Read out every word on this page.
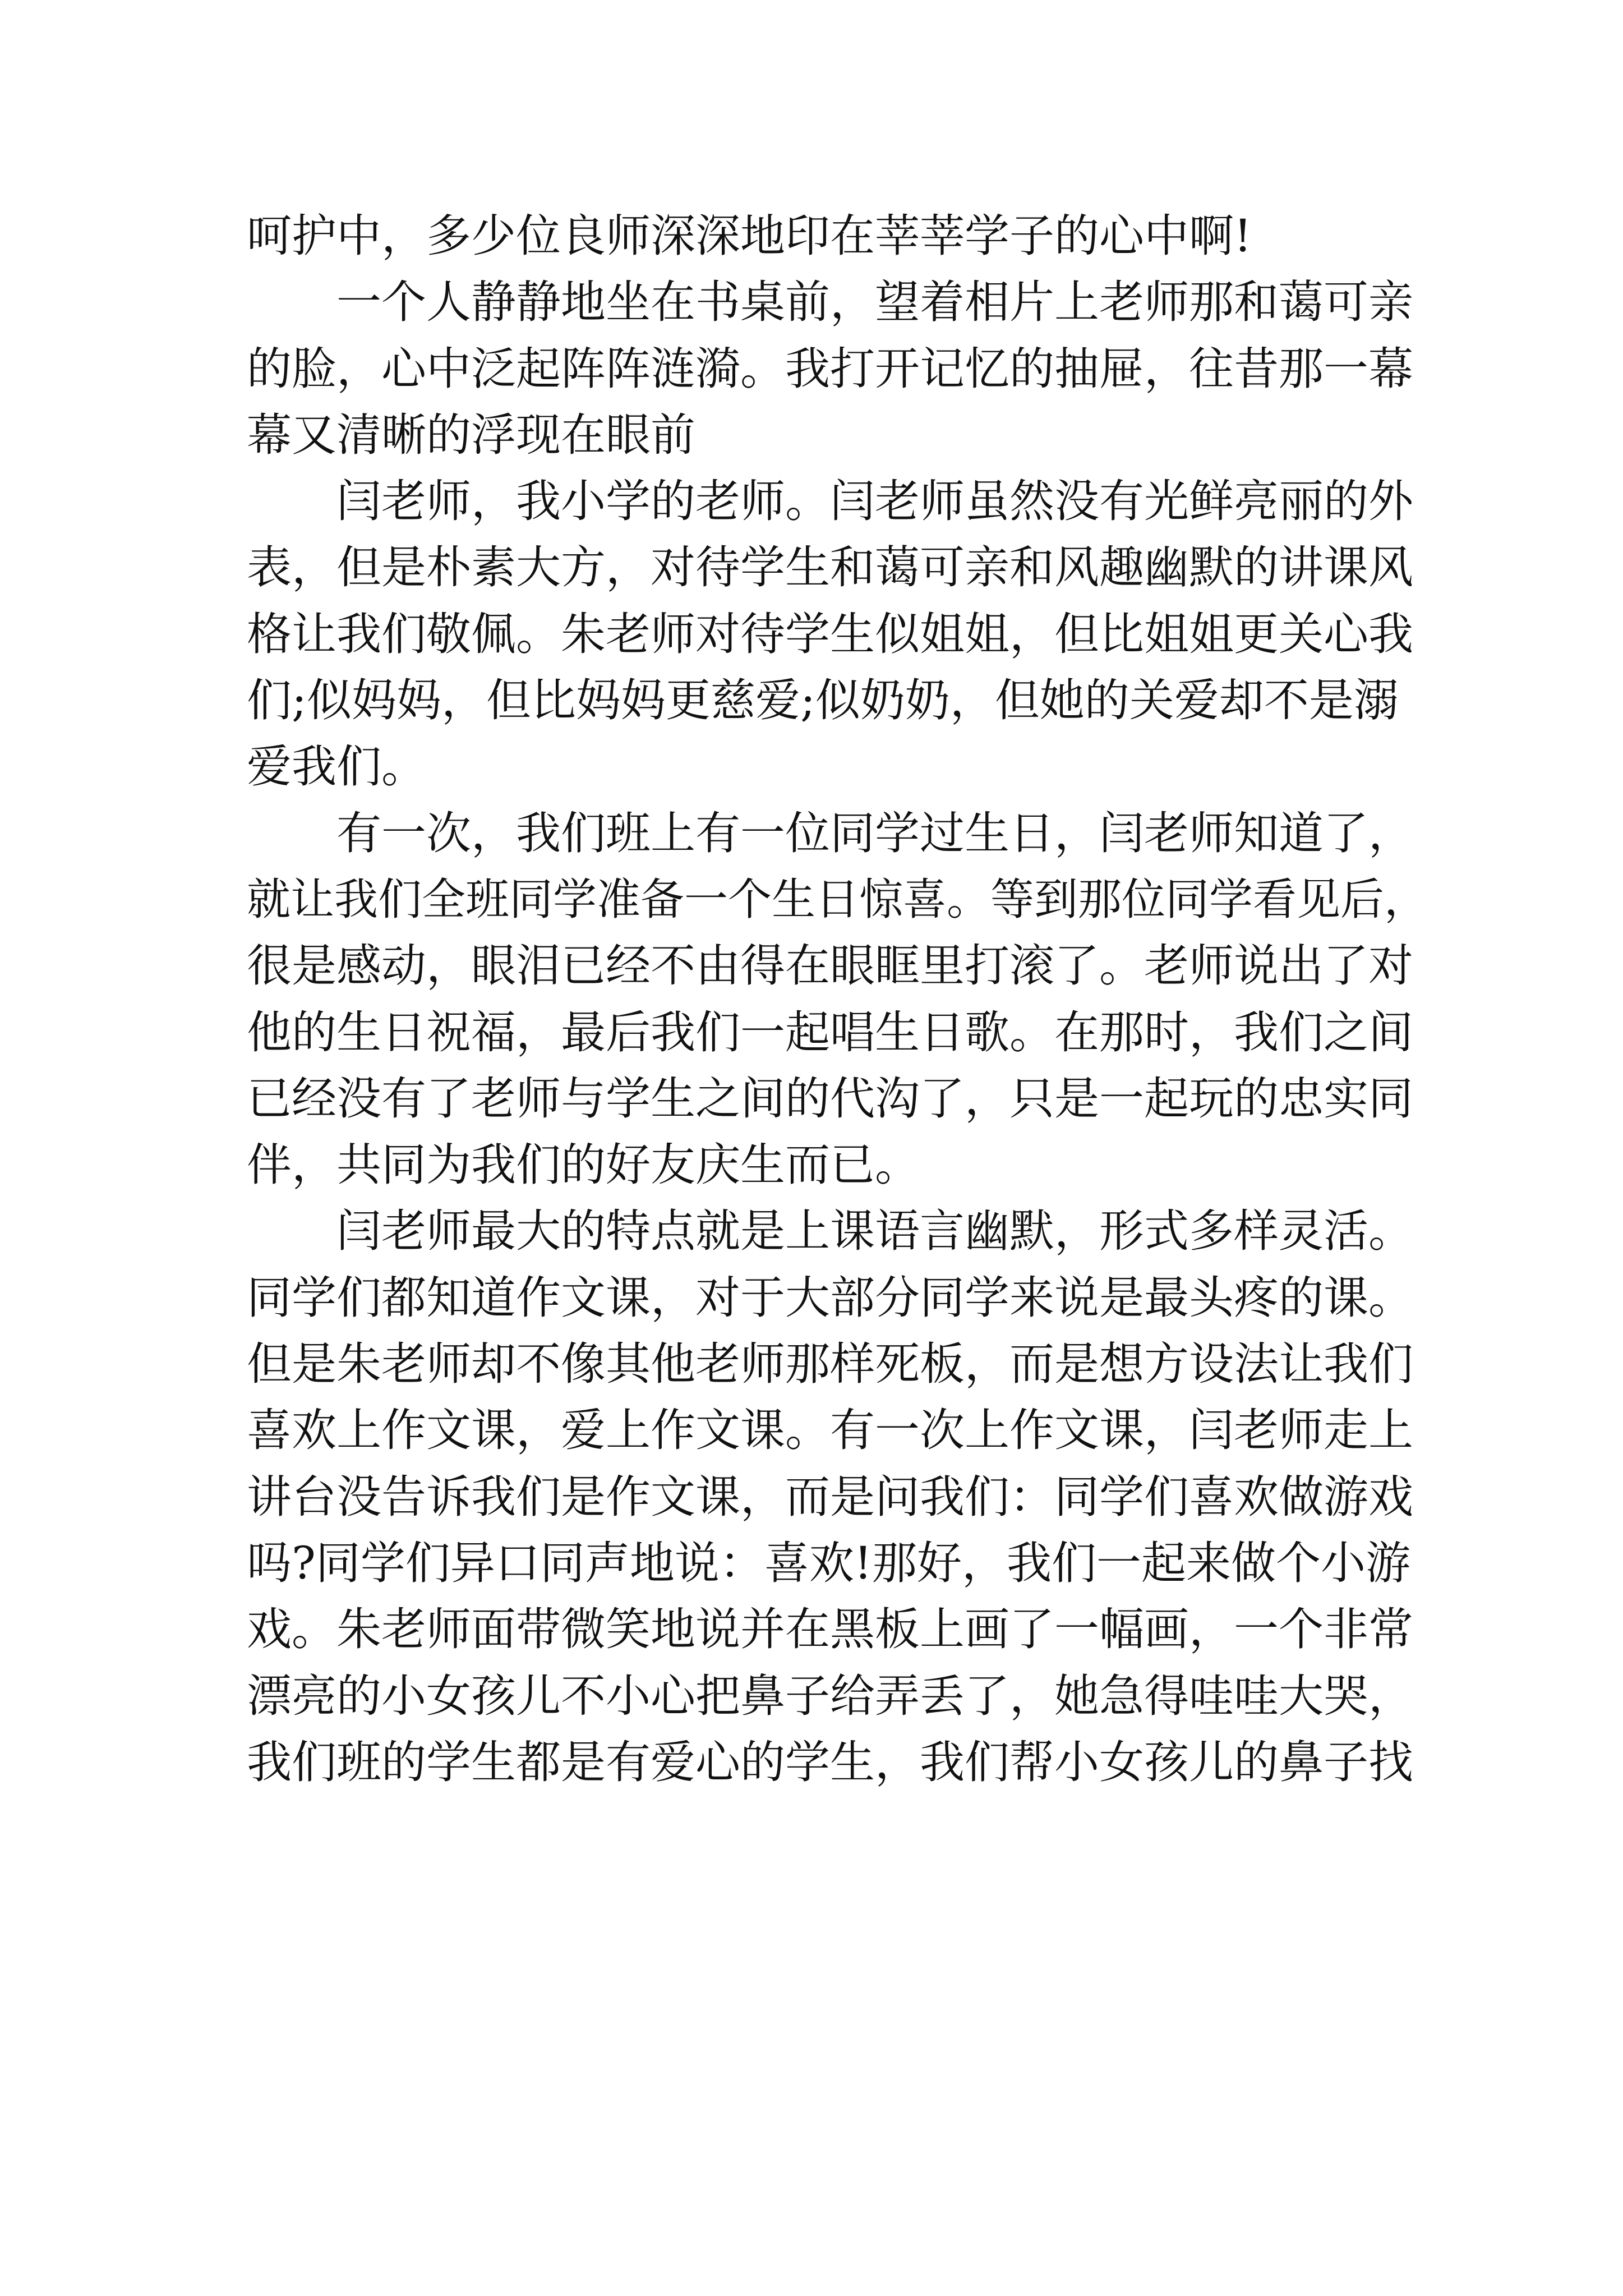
呵护中，多少位良师深深地印在莘莘学子的心中啊!
　　一个人静静地坐在书桌前，望着相片上老师那和蔼可亲
的脸，心中泛起阵阵涟漪。我打开记忆的抽屉，往昔那一幕
幕又清晰的浮现在眼前
　　闫老师，我小学的老师。闫老师虽然没有光鲜亮丽的外
表，但是朴素大方，对待学生和蔼可亲和风趣幽默的讲课风
格让我们敬佩。朱老师对待学生似姐姐，但比姐姐更关心我
们;似妈妈，但比妈妈更慈爱;似奶奶，但她的关爱却不是溺
爱我们。
　　有一次，我们班上有一位同学过生日，闫老师知道了，
就让我们全班同学准备一个生日惊喜。等到那位同学看见后，
很是感动，眼泪已经不由得在眼眶里打滚了。老师说出了对
他的生日祝福，最后我们一起唱生日歌。在那时，我们之间
已经没有了老师与学生之间的代沟了，只是一起玩的忠实同
伴，共同为我们的好友庆生而已。
　　闫老师最大的特点就是上课语言幽默，形式多样灵活。
同学们都知道作文课，对于大部分同学来说是最头疼的课。
但是朱老师却不像其他老师那样死板，而是想方设法让我们
喜欢上作文课，爱上作文课。有一次上作文课，闫老师走上
讲台没告诉我们是作文课，而是问我们：同学们喜欢做游戏
吗?同学们异口同声地说：喜欢!那好，我们一起来做个小游
戏。朱老师面带微笑地说并在黑板上画了一幅画，一个非常
漂亮的小女孩儿不小心把鼻子给弄丢了，她急得哇哇大哭，
我们班的学生都是有爱心的学生，我们帮小女孩儿的鼻子找
